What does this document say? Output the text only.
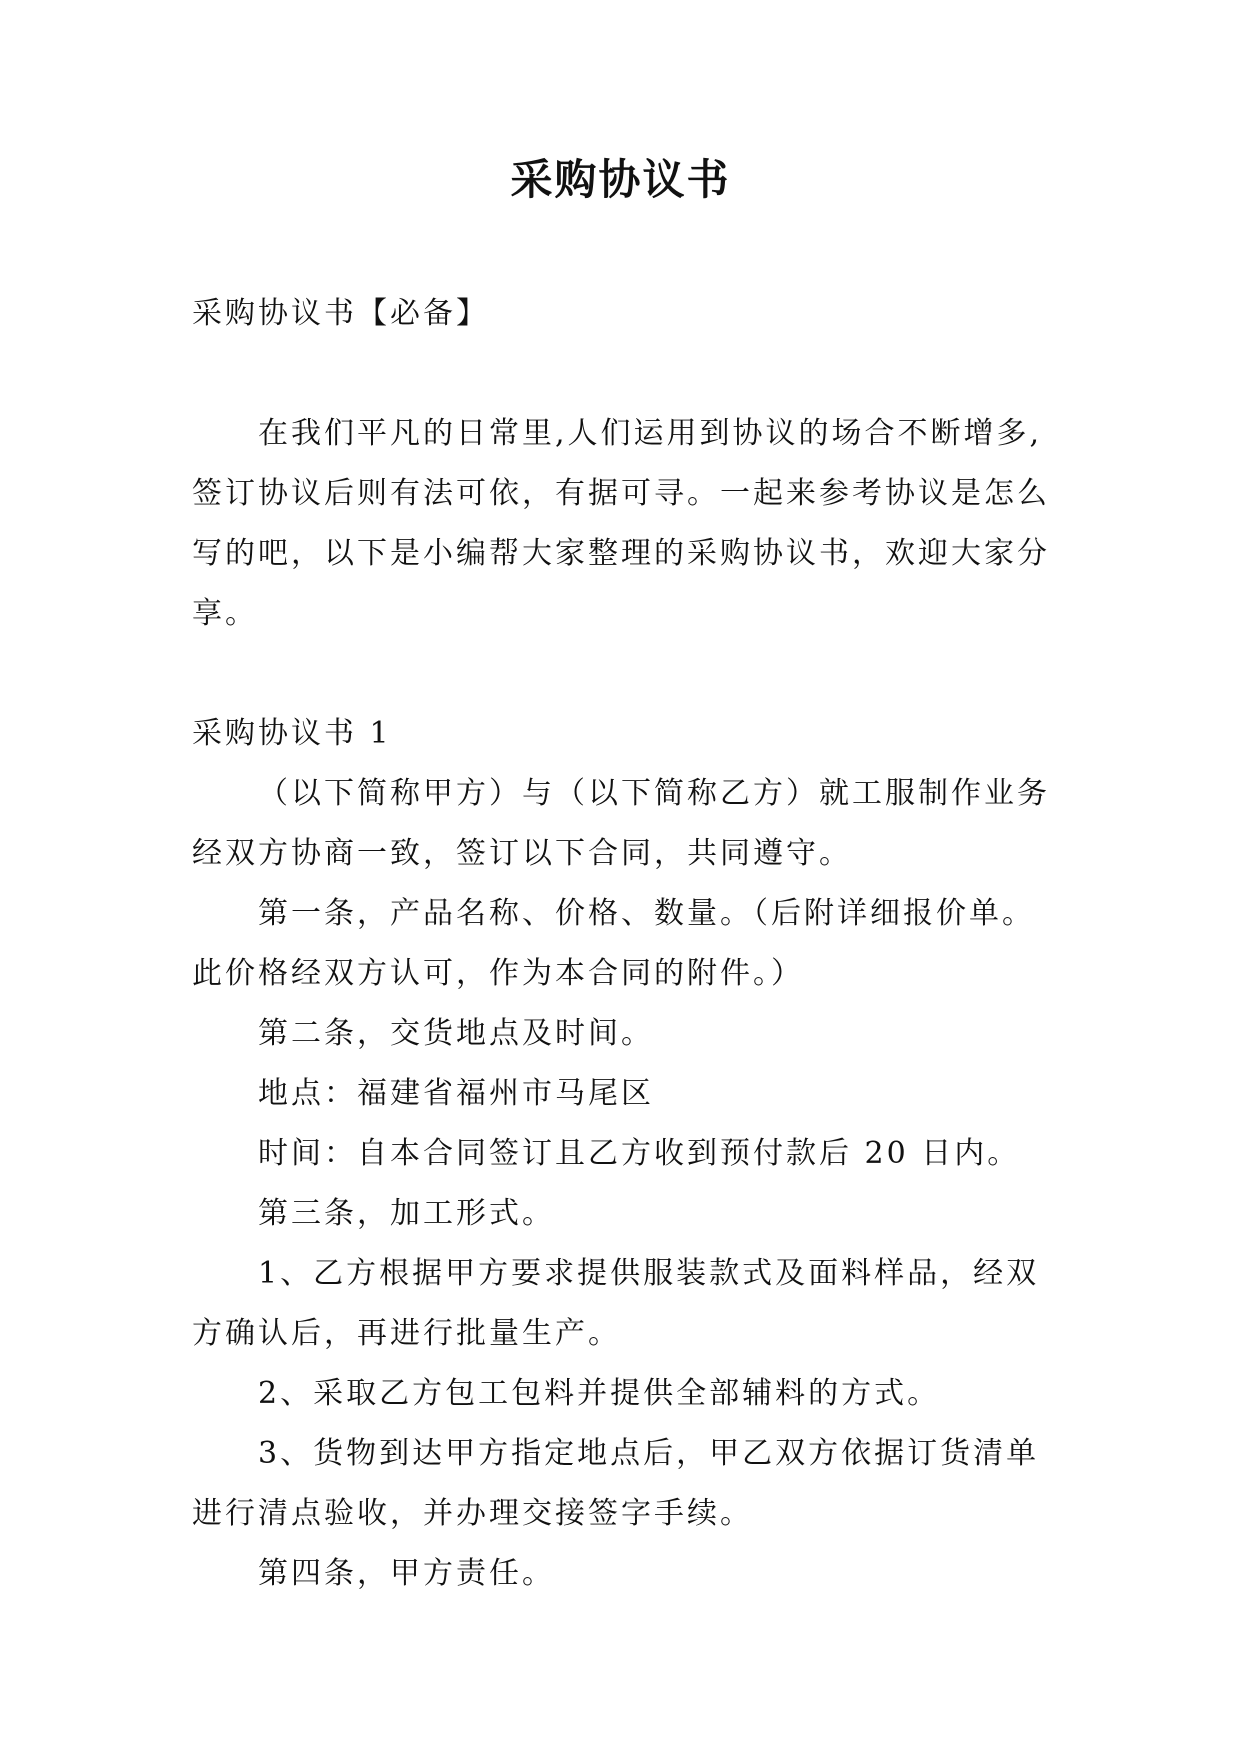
采购协议书

采购协议书【必备】

在我们平凡的日常里,人们运用到协议的场合不断增多,签订协议后则有法可依，有据可寻。一起来参考协议是怎么写的吧，以下是小编帮大家整理的采购协议书，欢迎大家分享。

采购协议书 1

（以下简称甲方）与（以下简称乙方）就工服制作业务经双方协商一致，签订以下合同，共同遵守。

第一条，产品名称、价格、数量。（后附详细报价单。此价格经双方认可，作为本合同的附件。）

第二条，交货地点及时间。

地点：福建省福州市马尾区

时间：自本合同签订且乙方收到预付款后 20 日内。

第三条，加工形式。

1、乙方根据甲方要求提供服装款式及面料样品，经双方确认后，再进行批量生产。

2、采取乙方包工包料并提供全部辅料的方式。

3、货物到达甲方指定地点后，甲乙双方依据订货清单进行清点验收，并办理交接签字手续。

第四条，甲方责任。
